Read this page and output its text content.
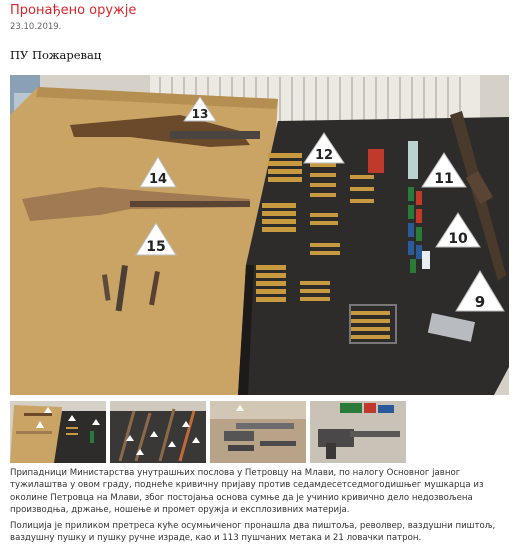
Пронађено оружје
23.10.2019.
ПУ Пожаревац
13
14
15
12
11
10
9
Припадници Министарства унутрашњих послова у Петровцу на Млави, по налогу Основног јавног тужилаштва у овом граду, поднеће кривичну пријаву против седамдесетседмогодишњег мушкарца из околине Петровца на Млави, због постојања основа сумње да је учинио кривично дело недозвољена производња, држање, ношење и промет оружја и експлозивних материја.
Полиција је приликом претреса куће осумњиченог пронашла два пиштоља, револвер, ваздушни пиштољ, ваздушну пушку и пушку ручне израде, као и 113 пушчаних метака и 21 ловачки патрон.
